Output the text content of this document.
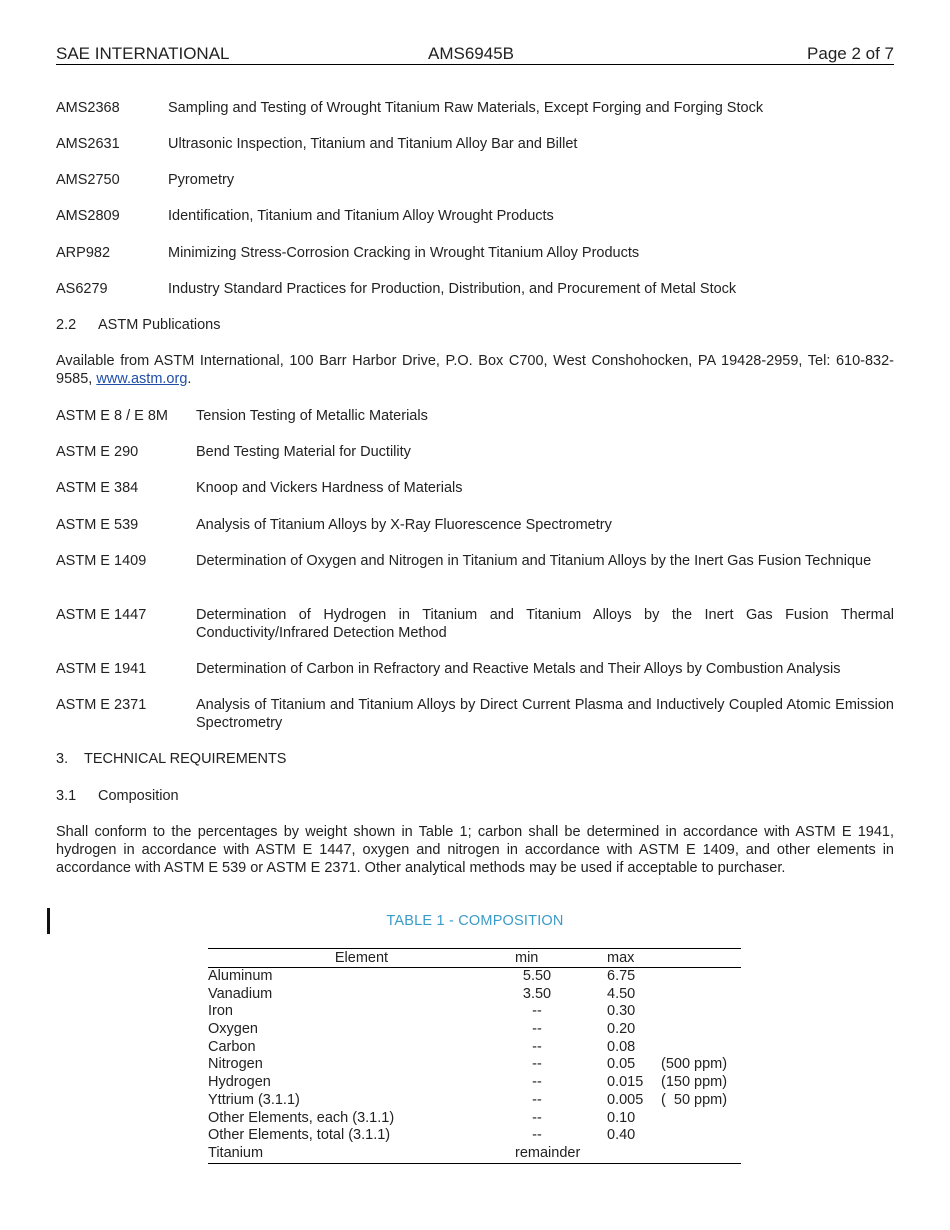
SAE INTERNATIONAL	AMS6945B	Page 2 of 7
AMS2368	Sampling and Testing of Wrought Titanium Raw Materials, Except Forging and Forging Stock
AMS2631	Ultrasonic Inspection, Titanium and Titanium Alloy Bar and Billet
AMS2750	Pyrometry
AMS2809	Identification, Titanium and Titanium Alloy Wrought Products
ARP982	Minimizing Stress-Corrosion Cracking in Wrought Titanium Alloy Products
AS6279	Industry Standard Practices for Production, Distribution, and Procurement of Metal Stock
2.2 ASTM Publications
Available from ASTM International, 100 Barr Harbor Drive, P.O. Box C700, West Conshohocken, PA 19428-2959, Tel: 610-832-9585, www.astm.org.
ASTM E 8 / E 8M Tension Testing of Metallic Materials
ASTM E 290	Bend Testing Material for Ductility
ASTM E 384	Knoop and Vickers Hardness of Materials
ASTM E 539	Analysis of Titanium Alloys by X-Ray Fluorescence Spectrometry
ASTM E 1409	Determination of Oxygen and Nitrogen in Titanium and Titanium Alloys by the Inert Gas Fusion Technique
ASTM E 1447	Determination of Hydrogen in Titanium and Titanium Alloys by the Inert Gas Fusion Thermal Conductivity/Infrared Detection Method
ASTM E 1941	Determination of Carbon in Refractory and Reactive Metals and Their Alloys by Combustion Analysis
ASTM E 2371	Analysis of Titanium and Titanium Alloys by Direct Current Plasma and Inductively Coupled Atomic Emission Spectrometry
3. TECHNICAL REQUIREMENTS
3.1 Composition
Shall conform to the percentages by weight shown in Table 1; carbon shall be determined in accordance with ASTM E 1941, hydrogen in accordance with ASTM E 1447, oxygen and nitrogen in accordance with ASTM E 1409, and other elements in accordance with ASTM E 539 or ASTM E 2371. Other analytical methods may be used if acceptable to purchaser.
TABLE 1 - COMPOSITION
Element	min	max
Aluminum	5.50	6.75
Vanadium	3.50	4.50
Iron	--	0.30
Oxygen	--	0.20
Carbon	--	0.08
Nitrogen	--	0.05 (500 ppm)
Hydrogen	--	0.015 (150 ppm)
Yttrium (3.1.1)	--	0.005 (  50 ppm)
Other Elements, each (3.1.1)	--	0.10
Other Elements, total (3.1.1)	--	0.40
Titanium	remainder
